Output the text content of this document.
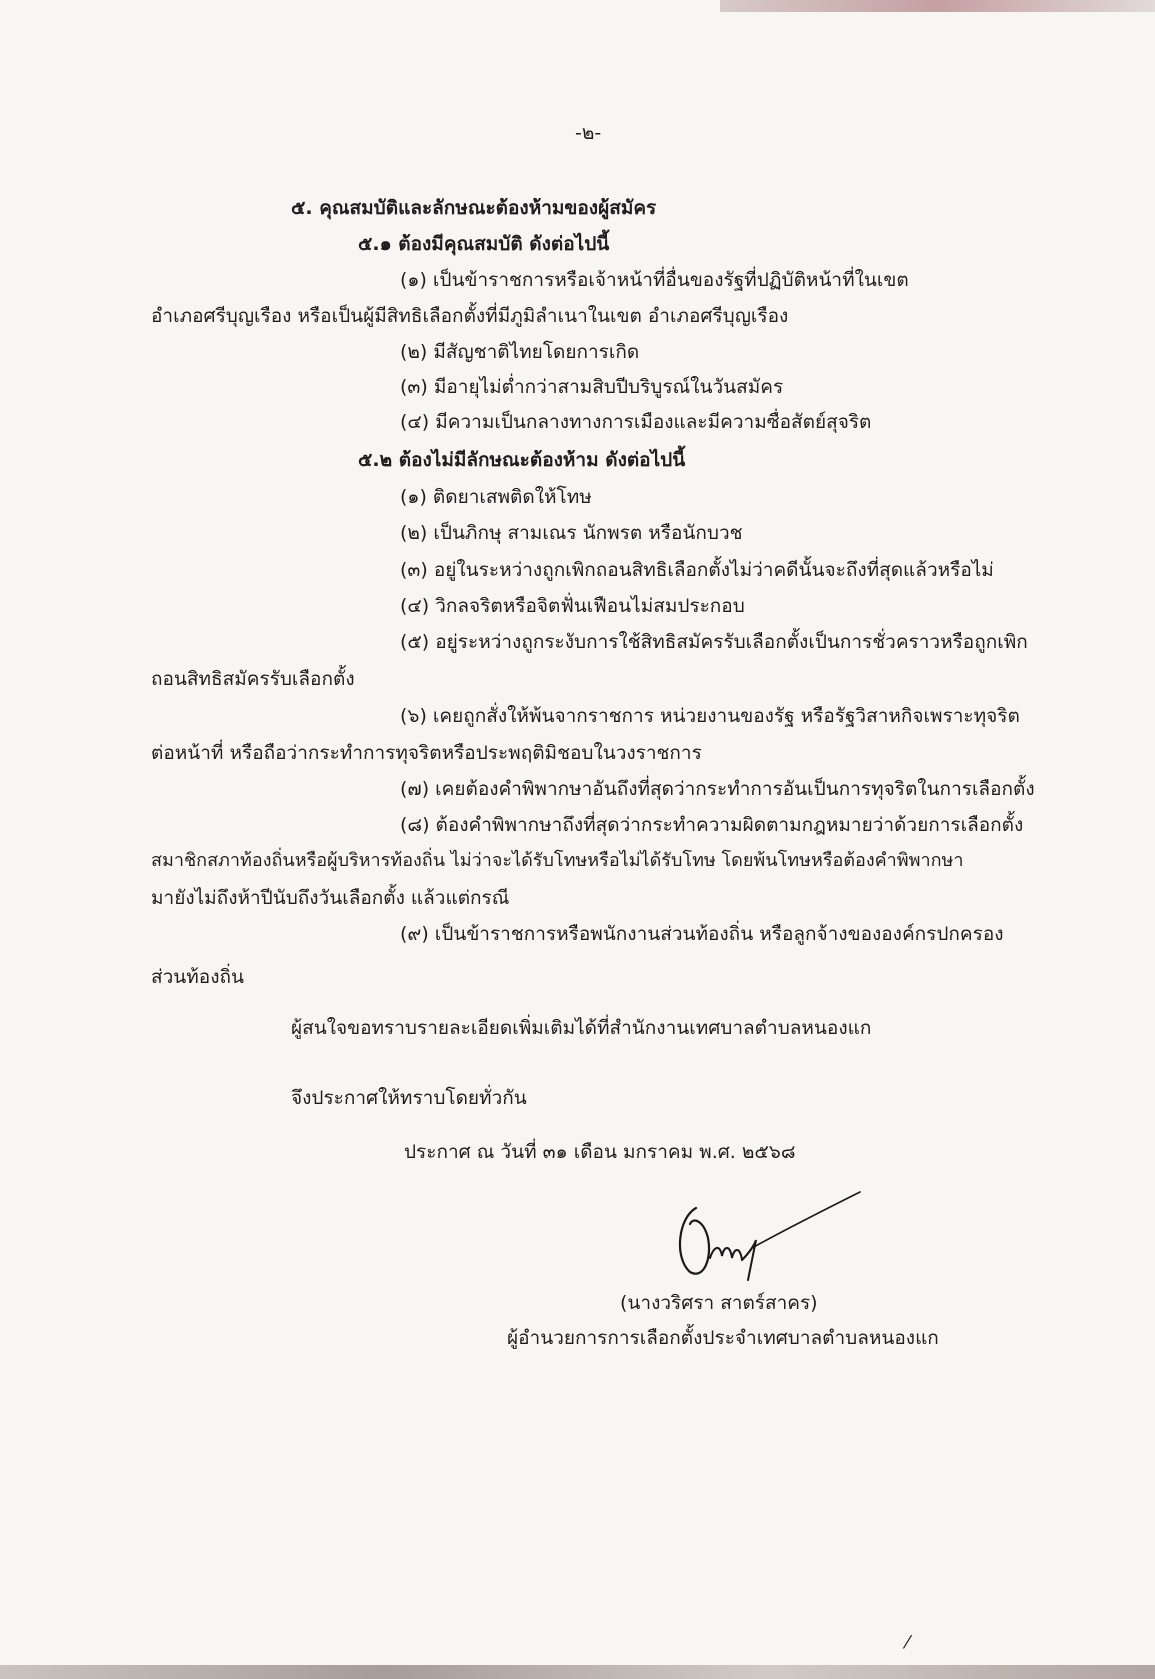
-๒-
๕. คุณสมบัติและลักษณะต้องห้ามของผู้สมัคร
๕.๑ ต้องมีคุณสมบัติ ดังต่อไปนี้
(๑) เป็นข้าราชการหรือเจ้าหน้าที่อื่นของรัฐที่ปฏิบัติหน้าที่ในเขต
อำเภอศรีบุญเรือง หรือเป็นผู้มีสิทธิเลือกตั้งที่มีภูมิลำเนาในเขต อำเภอศรีบุญเรือง
(๒) มีสัญชาติไทยโดยการเกิด
(๓) มีอายุไม่ต่ำกว่าสามสิบปีบริบูรณ์ในวันสมัคร
(๔) มีความเป็นกลางทางการเมืองและมีความซื่อสัตย์สุจริต
๕.๒ ต้องไม่มีลักษณะต้องห้าม ดังต่อไปนี้
(๑) ติดยาเสพติดให้โทษ
(๒) เป็นภิกษุ สามเณร นักพรต หรือนักบวช
(๓) อยู่ในระหว่างถูกเพิกถอนสิทธิเลือกตั้งไม่ว่าคดีนั้นจะถึงที่สุดแล้วหรือไม่
(๔) วิกลจริตหรือจิตฟั่นเฟือนไม่สมประกอบ
(๕) อยู่ระหว่างถูกระงับการใช้สิทธิสมัครรับเลือกตั้งเป็นการชั่วคราวหรือถูกเพิก
ถอนสิทธิสมัครรับเลือกตั้ง
(๖) เคยถูกสั่งให้พ้นจากราชการ หน่วยงานของรัฐ หรือรัฐวิสาหกิจเพราะทุจริต
ต่อหน้าที่ หรือถือว่ากระทำการทุจริตหรือประพฤติมิชอบในวงราชการ
(๗) เคยต้องคำพิพากษาอันถึงที่สุดว่ากระทำการอันเป็นการทุจริตในการเลือกตั้ง
(๘) ต้องคำพิพากษาถึงที่สุดว่ากระทำความผิดตามกฎหมายว่าด้วยการเลือกตั้ง
สมาชิกสภาท้องถิ่นหรือผู้บริหารท้องถิ่น ไม่ว่าจะได้รับโทษหรือไม่ได้รับโทษ โดยพ้นโทษหรือต้องคำพิพากษา
มายังไม่ถึงห้าปีนับถึงวันเลือกตั้ง แล้วแต่กรณี
(๙) เป็นข้าราชการหรือพนักงานส่วนท้องถิ่น หรือลูกจ้างขององค์กรปกครอง
ส่วนท้องถิ่น
ผู้สนใจขอทราบรายละเอียดเพิ่มเติมได้ที่สำนักงานเทศบาลตำบลหนองแก
จึงประกาศให้ทราบโดยทั่วกัน
ประกาศ ณ วันที่ ๓๑ เดือน มกราคม พ.ศ. ๒๕๖๘
(นางวริศรา สาตร์สาคร)
ผู้อำนวยการการเลือกตั้งประจำเทศบาลตำบลหนองแก
⁄
